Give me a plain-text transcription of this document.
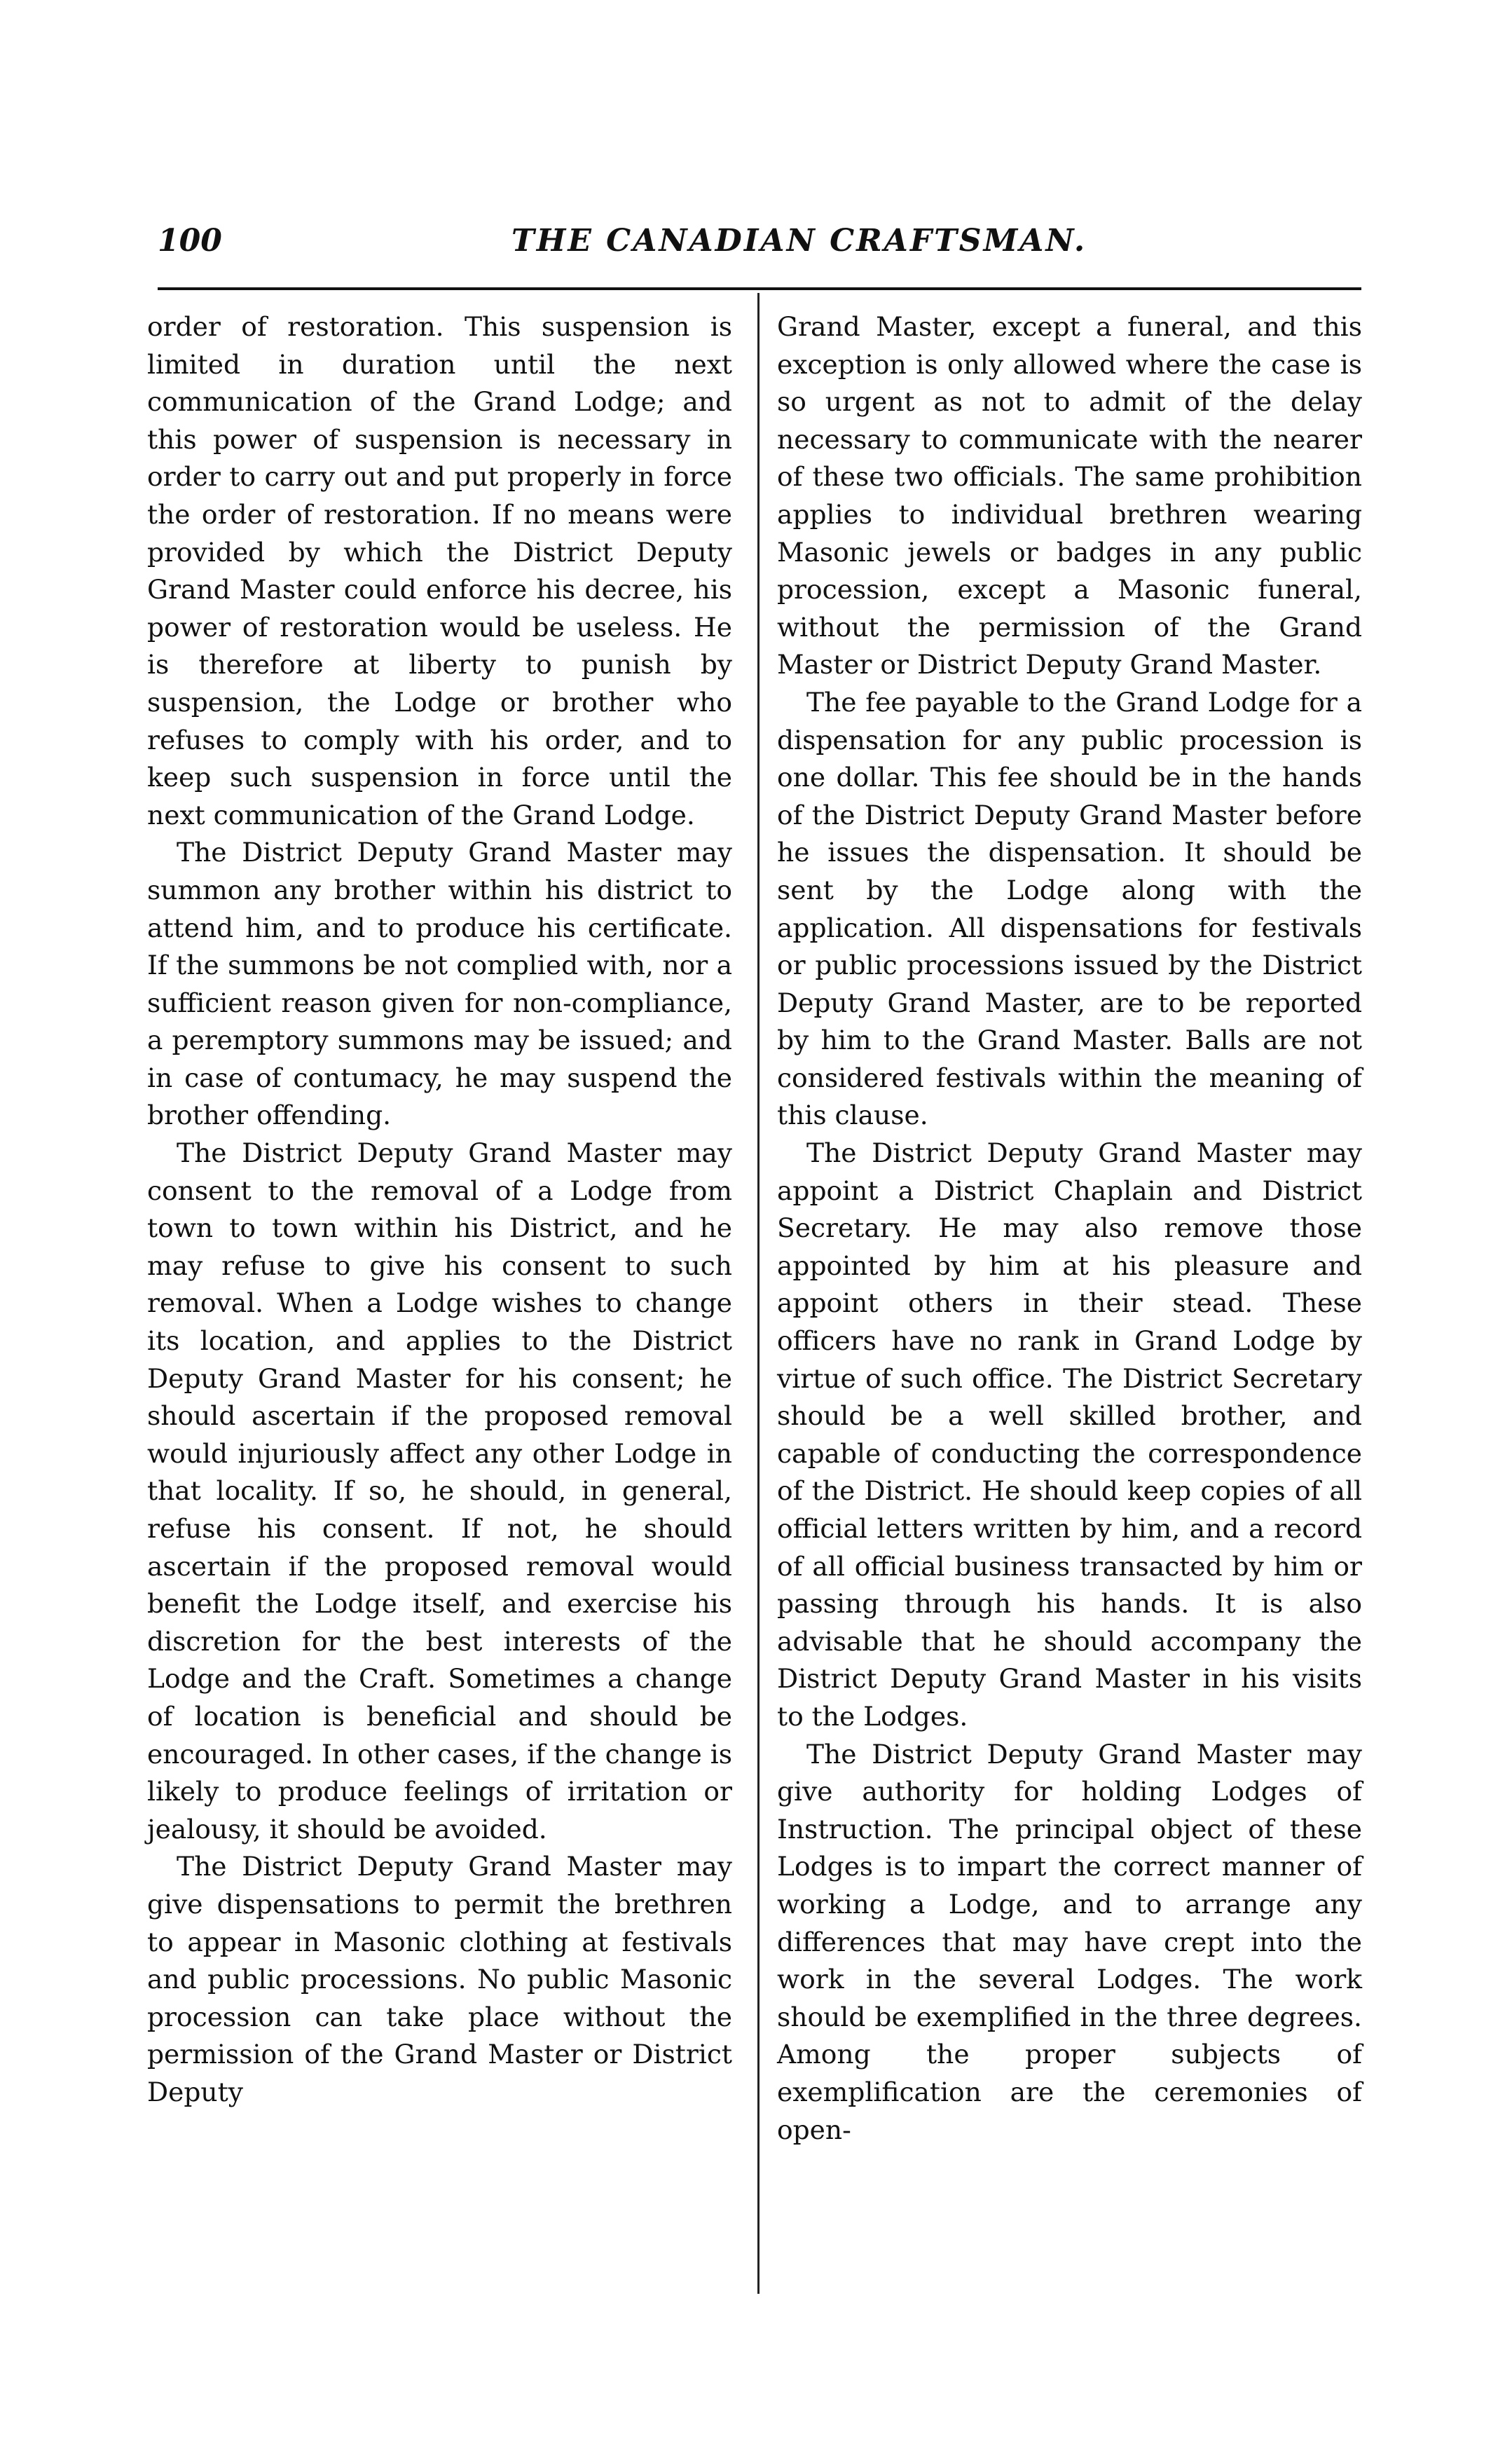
100	THE CANADIAN CRAFTSMAN.

order of restoration. This suspension is limited in duration until the next communication of the Grand Lodge; and this power of suspension is necessary in order to carry out and put properly in force the order of restoration. If no means were provided by which the District Deputy Grand Master could enforce his decree, his power of restoration would be useless. He is therefore at liberty to punish by suspension, the Lodge or brother who refuses to comply with his order, and to keep such suspension in force until the next communication of the Grand Lodge.

The District Deputy Grand Master may summon any brother within his district to attend him, and to produce his certificate. If the summons be not complied with, nor a sufficient reason given for non-compliance, a peremptory summons may be issued; and in case of contumacy, he may suspend the brother offending.

The District Deputy Grand Master may consent to the removal of a Lodge from town to town within his District, and he may refuse to give his consent to such removal. When a Lodge wishes to change its location, and applies to the District Deputy Grand Master for his consent; he should ascertain if the proposed removal would injuriously affect any other Lodge in that locality. If so, he should, in general, refuse his consent. If not, he should ascertain if the proposed removal would benefit the Lodge itself, and exercise his discretion for the best interests of the Lodge and the Craft. Sometimes a change of location is beneficial and should be encouraged. In other cases, if the change is likely to produce feelings of irritation or jealousy, it should be avoided.

The District Deputy Grand Master may give dispensations to permit the brethren to appear in Masonic clothing at festivals and public processions. No public Masonic procession can take place without the permission of the Grand Master or District Deputy

Grand Master, except a funeral, and this exception is only allowed where the case is so urgent as not to admit of the delay necessary to communicate with the nearer of these two officials. The same prohibition applies to individual brethren wearing Masonic jewels or badges in any public procession, except a Masonic funeral, without the permission of the Grand Master or District Deputy Grand Master.

The fee payable to the Grand Lodge for a dispensation for any public procession is one dollar. This fee should be in the hands of the District Deputy Grand Master before he issues the dispensation. It should be sent by the Lodge along with the application. All dispensations for festivals or public processions issued by the District Deputy Grand Master, are to be reported by him to the Grand Master. Balls are not considered festivals within the meaning of this clause.

The District Deputy Grand Master may appoint a District Chaplain and District Secretary. He may also remove those appointed by him at his pleasure and appoint others in their stead. These officers have no rank in Grand Lodge by virtue of such office. The District Secretary should be a well skilled brother, and capable of conducting the correspondence of the District. He should keep copies of all official letters written by him, and a record of all official business transacted by him or passing through his hands. It is also advisable that he should accompany the District Deputy Grand Master in his visits to the Lodges.

The District Deputy Grand Master may give authority for holding Lodges of Instruction. The principal object of these Lodges is to impart the correct manner of working a Lodge, and to arrange any differences that may have crept into the work in the several Lodges. The work should be exemplified in the three degrees. Among the proper subjects of exemplification are the ceremonies of open-
